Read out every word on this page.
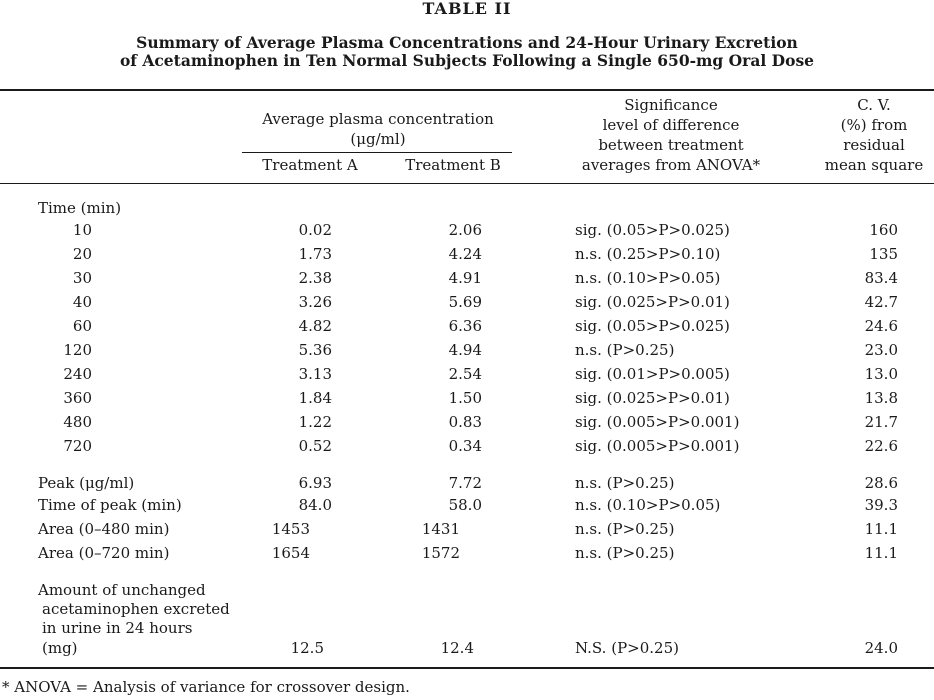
TABLE II
Summary of Average Plasma Concentrations and 24-Hour Urinary Excretion
of Acetaminophen in Ten Normal Subjects Following a Single 650-mg Oral Dose
Average plasma concentration
(μg/ml)
Treatment A	Treatment B
Significance
level of difference
between treatment
averages from ANOVA*
C. V.
(%) from
residual
mean square
Time (min)
10	0.02	2.06	sig. (0.05>P>0.025)	160
20	1.73	4.24	n.s. (0.25>P>0.10)	135
30	2.38	4.91	n.s. (0.10>P>0.05)	83.4
40	3.26	5.69	sig. (0.025>P>0.01)	42.7
60	4.82	6.36	sig. (0.05>P>0.025)	24.6
120	5.36	4.94	n.s. (P>0.25)	23.0
240	3.13	2.54	sig. (0.01>P>0.005)	13.0
360	1.84	1.50	sig. (0.025>P>0.01)	13.8
480	1.22	0.83	sig. (0.005>P>0.001)	21.7
720	0.52	0.34	sig. (0.005>P>0.001)	22.6
Peak (μg/ml)	6.93	7.72	n.s. (P>0.25)	28.6
Time of peak (min)	84.0	58.0	n.s. (0.10>P>0.05)	39.3
Area (0–480 min)	1453	1431	n.s. (P>0.25)	11.1
Area (0–720 min)	1654	1572	n.s. (P>0.25)	11.1
Amount of unchanged
acetaminophen excreted
in urine in 24 hours
(mg)	12.5	12.4	N.S. (P>0.25)	24.0
* ANOVA = Analysis of variance for crossover design.
